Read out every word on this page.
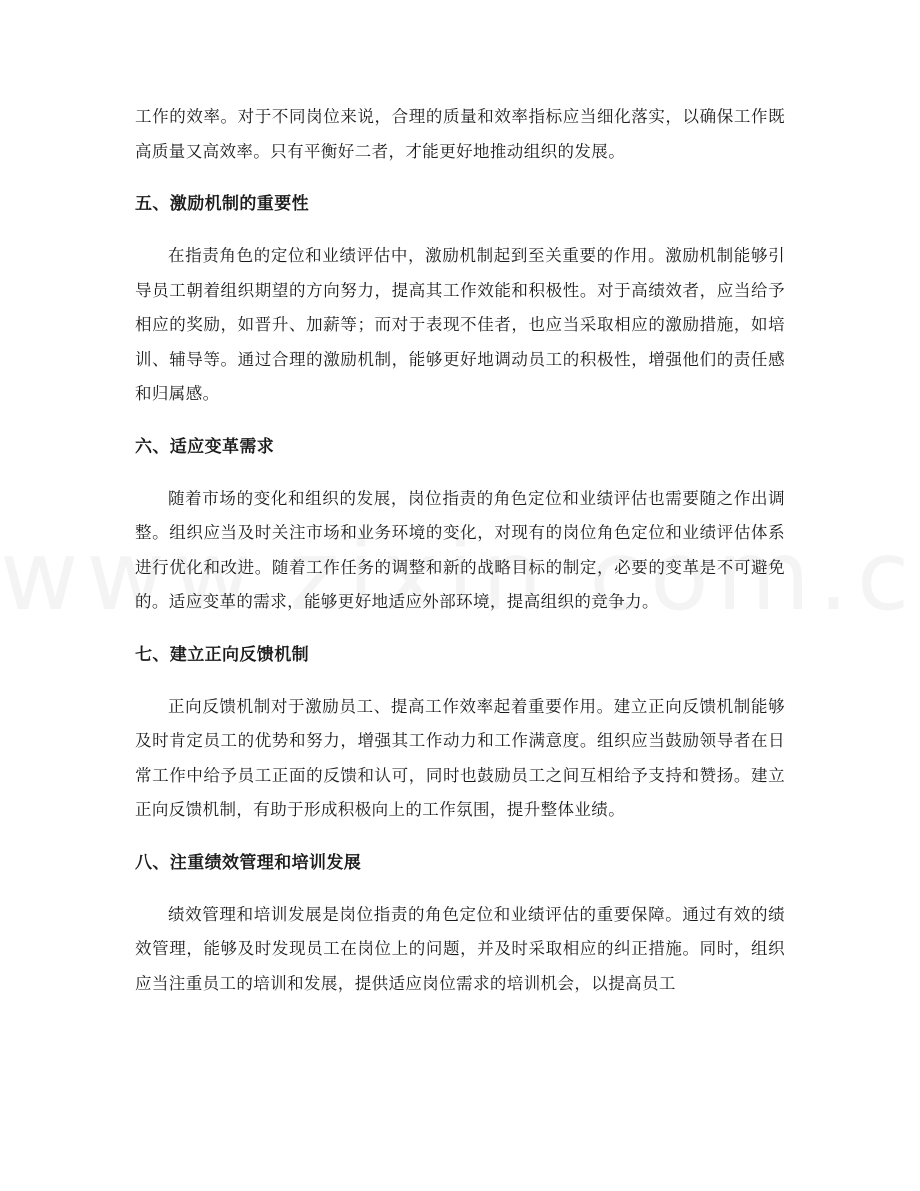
工作的效率。对于不同岗位来说，合理的质量和效率指标应当细化落实，以确保工作既高质量又高效率。只有平衡好二者，才能更好地推动组织的发展。

五、激励机制的重要性

在指责角色的定位和业绩评估中，激励机制起到至关重要的作用。激励机制能够引导员工朝着组织期望的方向努力，提高其工作效能和积极性。对于高绩效者，应当给予相应的奖励，如晋升、加薪等；而对于表现不佳者，也应当采取相应的激励措施，如培训、辅导等。通过合理的激励机制，能够更好地调动员工的积极性，增强他们的责任感和归属感。

六、适应变革需求

随着市场的变化和组织的发展，岗位指责的角色定位和业绩评估也需要随之作出调整。组织应当及时关注市场和业务环境的变化，对现有的岗位角色定位和业绩评估体系进行优化和改进。随着工作任务的调整和新的战略目标的制定，必要的变革是不可避免的。适应变革的需求，能够更好地适应外部环境，提高组织的竞争力。

七、建立正向反馈机制

正向反馈机制对于激励员工、提高工作效率起着重要作用。建立正向反馈机制能够及时肯定员工的优势和努力，增强其工作动力和工作满意度。组织应当鼓励领导者在日常工作中给予员工正面的反馈和认可，同时也鼓励员工之间互相给予支持和赞扬。建立正向反馈机制，有助于形成积极向上的工作氛围，提升整体业绩。

八、注重绩效管理和培训发展

绩效管理和培训发展是岗位指责的角色定位和业绩评估的重要保障。通过有效的绩效管理，能够及时发现员工在岗位上的问题，并及时采取相应的纠正措施。同时，组织应当注重员工的培训和发展，提供适应岗位需求的培训机会，以提高员工
